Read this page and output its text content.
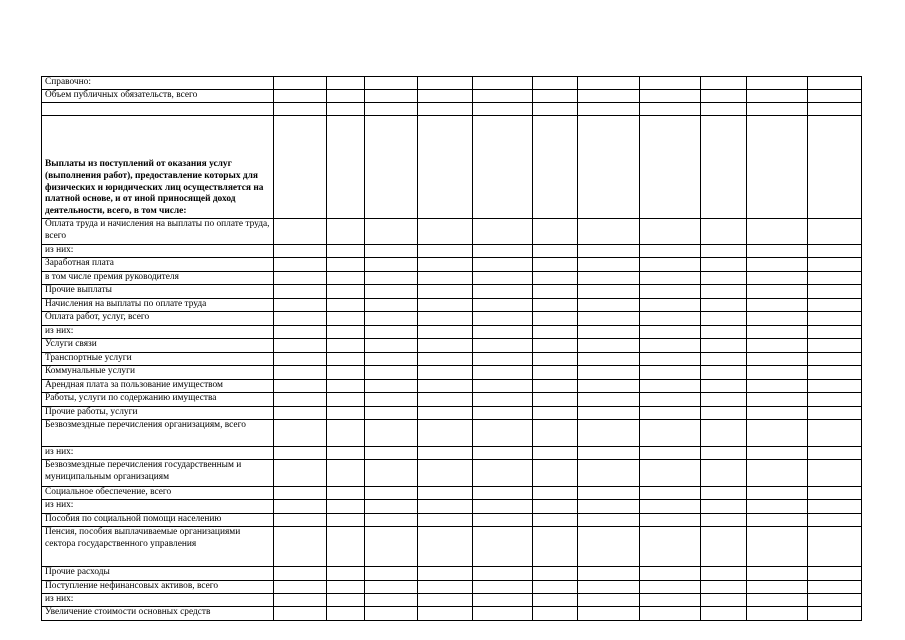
Справочно:											
Объем публичных обязательств, всего											

Выплаты из поступлений от оказания услуг (выполнения работ), предоставление которых для физических и юридических лиц осуществляется на платной основе, и от иной приносящей доход деятельности, всего, в том числе:											
Оплата труда и начисления на выплаты по оплате труда, всего											
из них:											
Заработная плата											
в том числе премия руководителя											
Прочие выплаты											
Начисления на выплаты по оплате труда											
Оплата работ, услуг, всего											
из них:											
Услуги связи											
Транспортные услуги											
Коммунальные услуги											
Арендная плата за пользование имуществом											
Работы, услуги по содержанию имущества											
Прочие работы, услуги											
Безвозмездные перечисления организациям, всего											
из них:											
Безвозмездные перечисления государственным и муниципальным организациям											
Социальное обеспечение, всего											
из них:											
Пособия по социальной помощи населению											
Пенсия, пособия выплачиваемые организациями сектора государственного управления											
Прочие расходы											
Поступление нефинансовых активов, всего											
из них:											
Увеличение стоимости основных средств											
